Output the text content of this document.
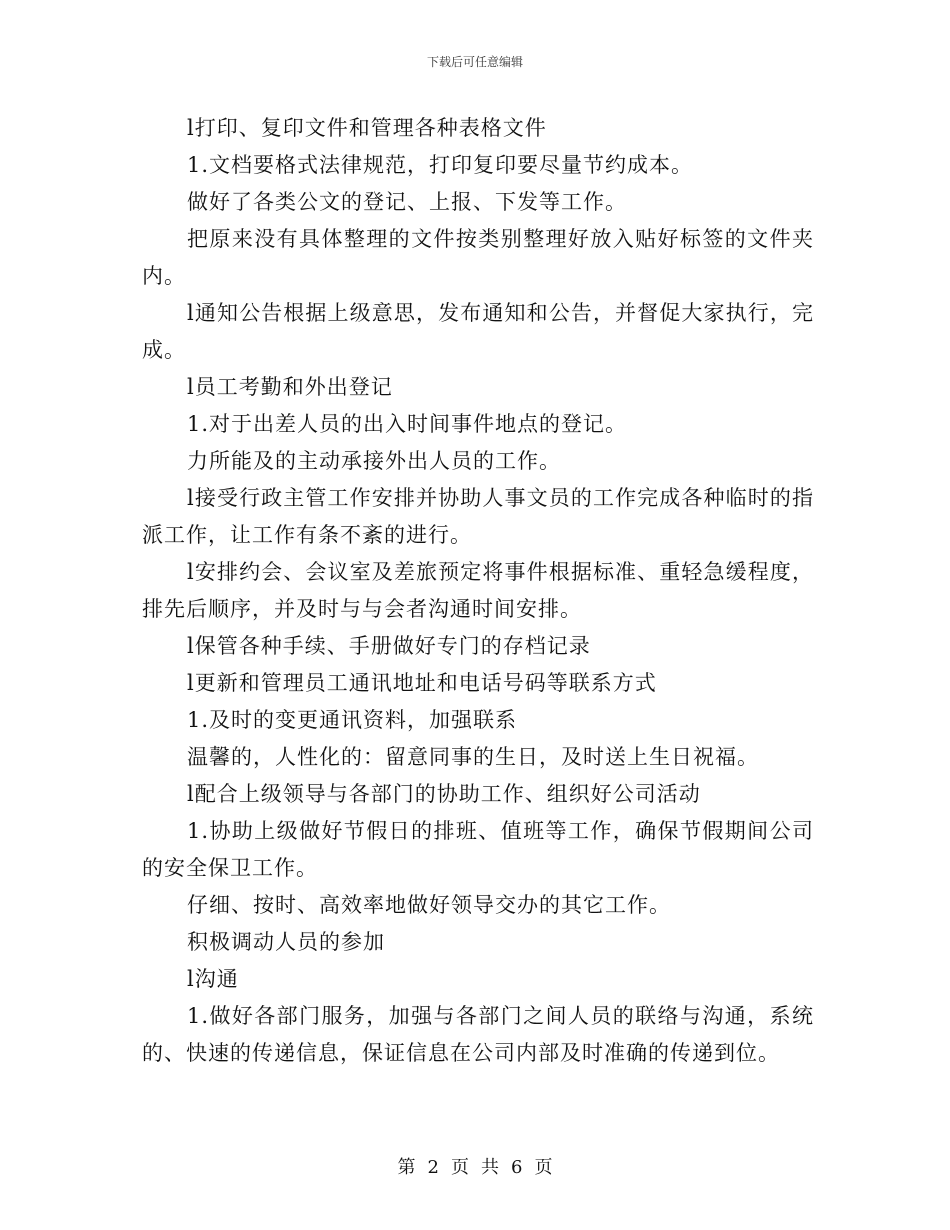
下载后可任意编辑

l打印、复印文件和管理各种表格文件

1.文档要格式法律规范，打印复印要尽量节约成本。

做好了各类公文的登记、上报、下发等工作。

把原来没有具体整理的文件按类别整理好放入贴好标签的文件夹内。

l通知公告根据上级意思，发布通知和公告，并督促大家执行，完成。

l员工考勤和外出登记

1.对于出差人员的出入时间事件地点的登记。

力所能及的主动承接外出人员的工作。

l接受行政主管工作安排并协助人事文员的工作完成各种临时的指派工作，让工作有条不紊的进行。

l安排约会、会议室及差旅预定将事件根据标准、重轻急缓程度，排先后顺序，并及时与与会者沟通时间安排。

l保管各种手续、手册做好专门的存档记录

l更新和管理员工通讯地址和电话号码等联系方式

1.及时的变更通讯资料，加强联系

温馨的，人性化的：留意同事的生日，及时送上生日祝福。

l配合上级领导与各部门的协助工作、组织好公司活动

1.协助上级做好节假日的排班、值班等工作，确保节假期间公司的安全保卫工作。

仔细、按时、高效率地做好领导交办的其它工作。

积极调动人员的参加

l沟通

1.做好各部门服务，加强与各部门之间人员的联络与沟通，系统的、快速的传递信息，保证信息在公司内部及时准确的传递到位。

第 2 页 共 6 页
